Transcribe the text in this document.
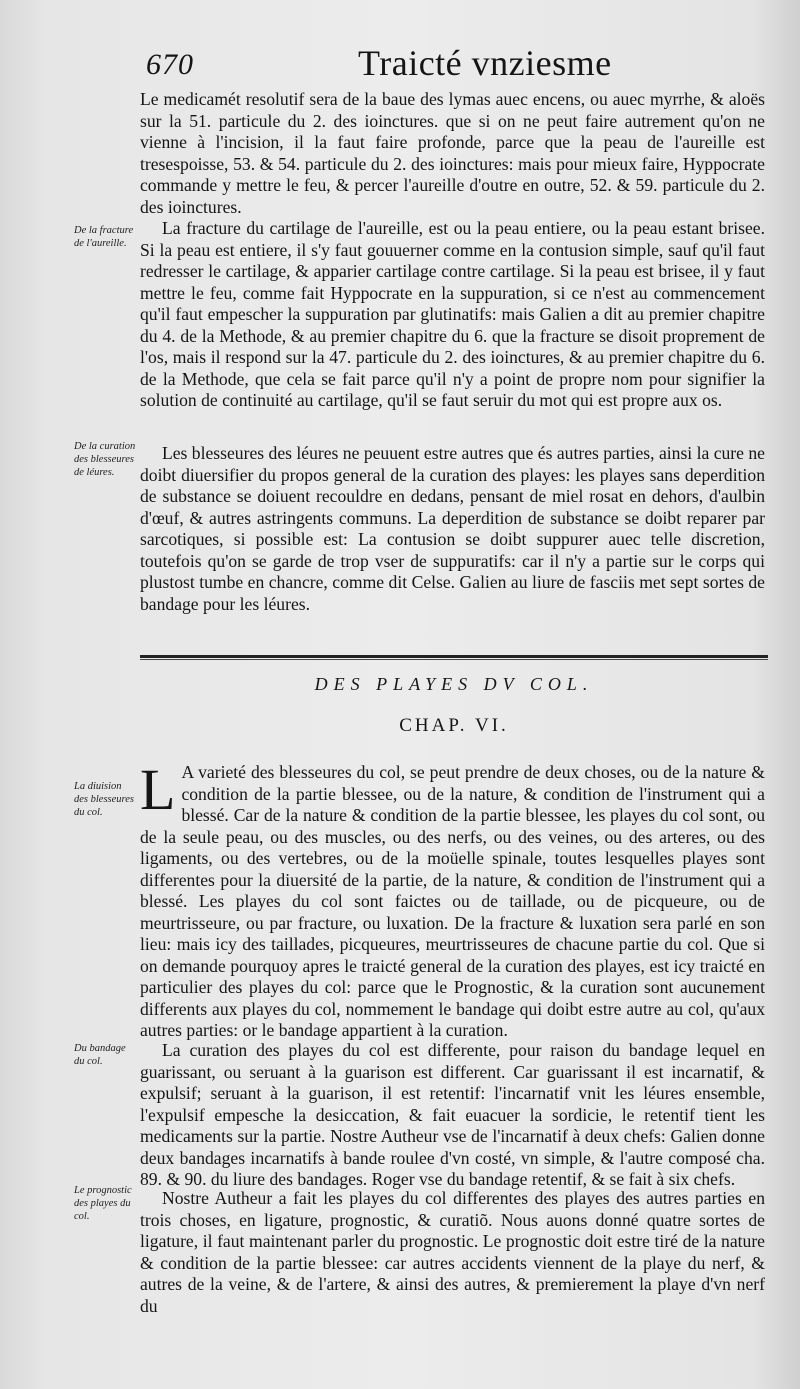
670	Traicté vnziesme

Le medicamét resolutif sera de la baue des lymas auec encens, ou auec myrrhe, & aloës sur la 51. particule du 2. des ioinctures. que si on ne peut faire autrement qu'on ne vienne à l'incision, il la faut faire profonde, parce que la peau de l'aureille est tresespoisse, 53. & 54. particule du 2. des ioinctures: mais pour mieux faire, Hyppocrate commande y mettre le feu, & percer l'aureille d'outre en outre, 52. & 59. particule du 2. des ioinctures.

De la fracture de l'aureille.

La fracture du cartilage de l'aureille, est ou la peau entiere, ou la peau estant brisee. Si la peau est entiere, il s'y faut gouuerner comme en la contusion simple, sauf qu'il faut redresser le cartilage, & apparier cartilage contre cartilage. Si la peau est brisee, il y faut mettre le feu, comme fait Hyppocrate en la suppuration, si ce n'est au commencement qu'il faut empescher la suppuration par glutinatifs: mais Galien a dit au premier chapitre du 4. de la Methode, & au premier chapitre du 6. que la fracture se disoit proprement de l'os, mais il respond sur la 47. particule du 2. des ioinctures, & au premier chapitre du 6. de la Methode, que cela se fait parce qu'il n'y a point de propre nom pour signifier la solution de continuité au cartilage, qu'il se faut seruir du mot qui est propre aux os.

De la curation des blesseures de léures.

Les blesseures des léures ne peuuent estre autres que és autres parties, ainsi la cure ne doibt diuersifier du propos general de la curation des playes: les playes sans deperdition de substance se doiuent recouldre en dedans, pensant de miel rosat en dehors, d'aulbin d'œuf, & autres astringents communs. La deperdition de substance se doibt reparer par sarcotiques, si possible est: La contusion se doibt suppurer auec telle discretion, toutefois qu'on se garde de trop vser de suppuratifs: car il n'y a partie sur le corps qui plustost tumbe en chancre, comme dit Celse. Galien au liure de fasciis met sept sortes de bandage pour les léures.

DES PLAYES DV COL.
CHAP. VI.
La diuision des blesseures du col. L A varieté des blesseures du col, se peut prendre de deux choses, ou de la nature & condition de la partie blessee, ou de la nature, & condition de l'instrument qui a blessé. Car de la nature & condition de la partie blessee, les playes du col sont, ou de la seule peau, ou des muscles, ou des nerfs, ou des veines, ou des arteres, ou des ligaments, ou des vertebres, ou de la moüelle spinale, toutes lesquelles playes sont differentes pour la diuersité de la partie, de la nature, & condition de l'instrument qui a blessé. Les playes du col sont faictes ou de taillade, ou de picqueure, ou de meurtrisseure, ou par fracture, ou luxation. De la fracture & luxation sera parlé en son lieu: mais icy des taillades, picqueures, meurtrisseures de chacune partie du col. Que si on demande pourquoy apres le traicté general de la curation des playes, est icy traicté en particulier des playes du col: parce que le Prognostic, & la curation sont aucunement differents aux playes du col, nommement le bandage qui doibt estre autre au col, qu'aux autres parties: or le bandage appartient à la curation.

Du bandage du col.

La curation des playes du col est differente, pour raison du bandage lequel en guarissant, ou seruant à la guarison est different. Car guarissant il est incarnatif, & expulsif; seruant à la guarison, il est retentif: l'incarnatif vnit les léures ensemble, l'expulsif empesche la desiccation, & fait euacuer la sordicie, le retentif tient les medicaments sur la partie. Nostre Autheur vse de l'incarnatif à deux chefs: Galien donne deux bandages incarnatifs à bande roulee d'vn costé, vn simple, & l'autre composé cha. 89. & 90. du liure des bandages. Roger vse du bandage retentif, & se fait à six chefs.

Le prognostic des playes du col.

Nostre Autheur a fait les playes du col differentes des playes des autres parties en trois choses, en ligature, prognostic, & curatiõ. Nous auons donné quatre sortes de ligature, il faut maintenant parler du prognostic. Le prognostic doit estre tiré de la nature & condition de la partie blessee: car autres accidents viennent de la playe du nerf, & autres de la veine, & de l'artere, & ainsi des autres, & premierement la playe d'vn nerf du
